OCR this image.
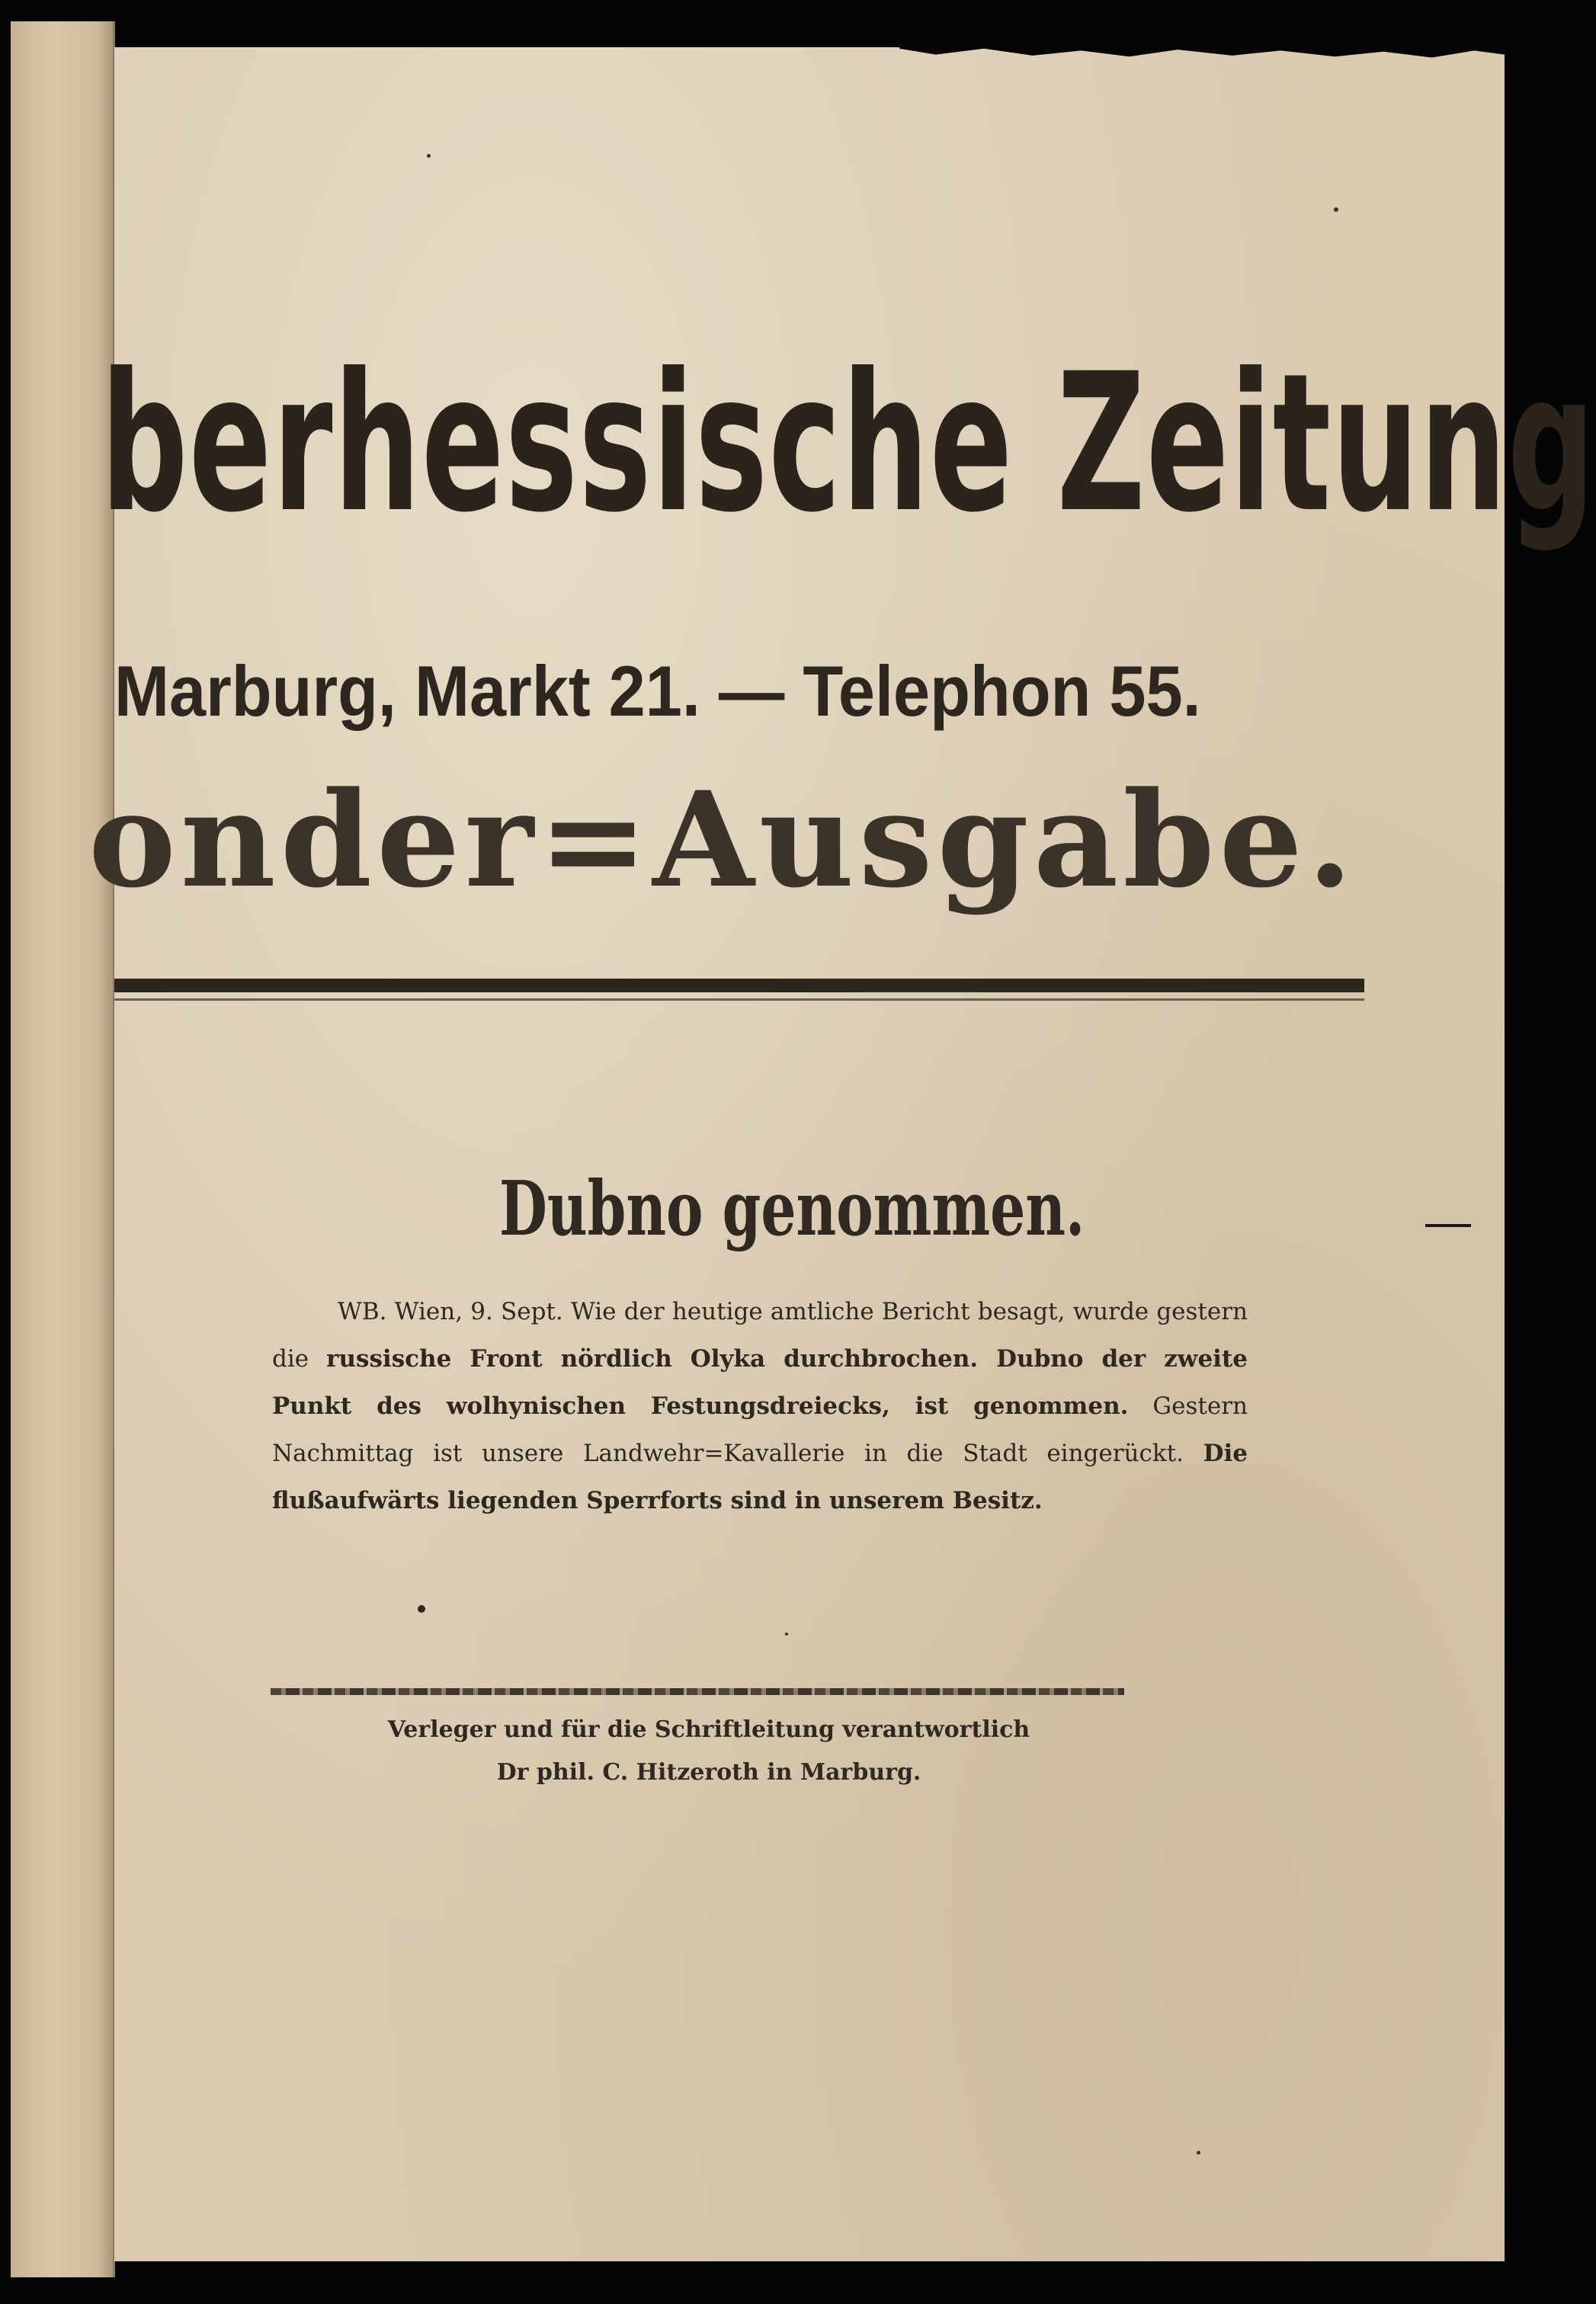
berhessische Zeitung
Marburg, Markt 21. — Telephon 55.
onder=Ausgabe.
Dubno genommen.

WB. Wien, 9. Sept. Wie der heutige amtliche Bericht besagt, wurde gestern die russische Front nördlich Olyka durchbrochen. Dubno der zweite Punkt des wolhynischen Festungsdreiecks, ist genommen. Gestern Nachmittag ist unsere Landwehr=Kavallerie in die Stadt eingerückt. Die flußaufwärts liegenden Sperrforts sind in unserem Besitz.

Verleger und für die Schriftleitung verantwortlich
Dr phil. C. Hitzeroth in Marburg.
